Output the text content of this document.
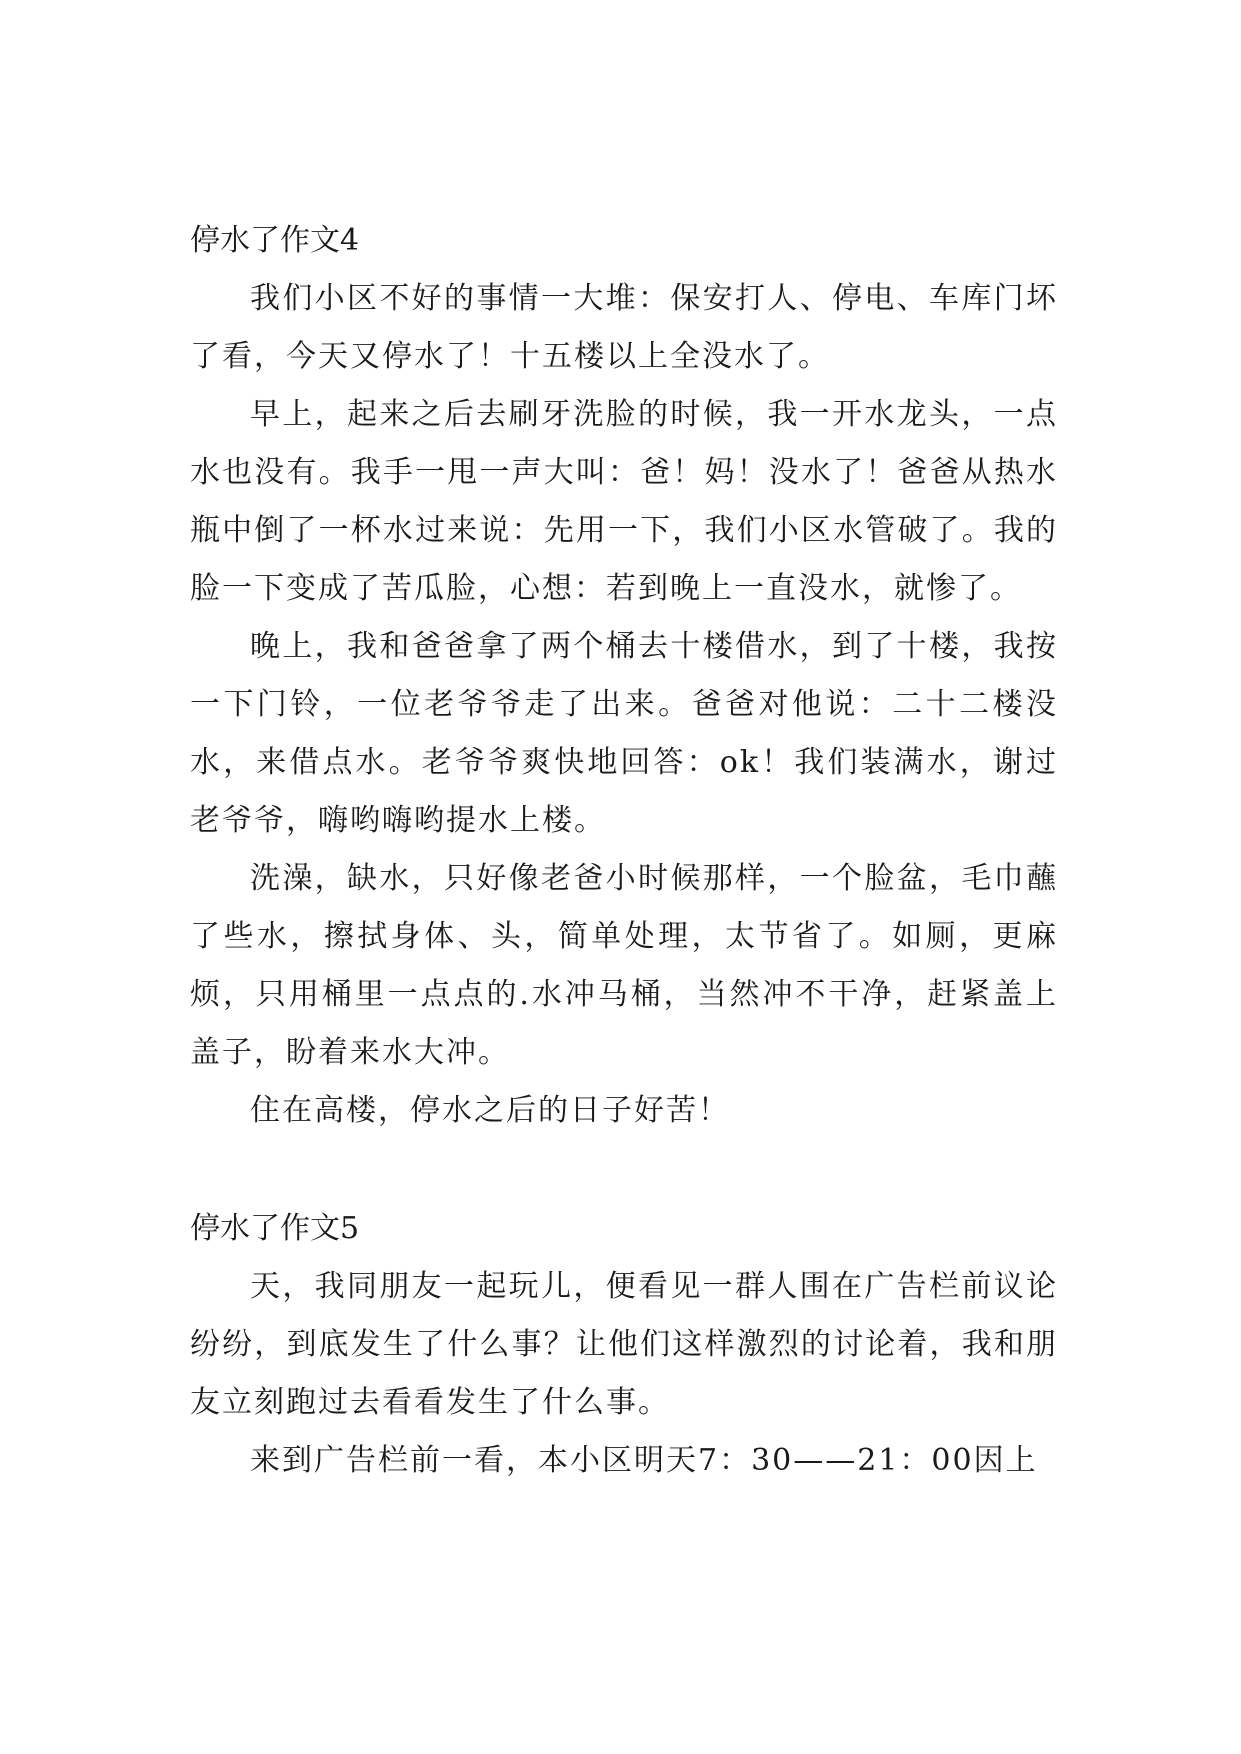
停水了作文4

我们小区不好的事情一大堆：保安打人、停电、车库门坏了看，今天又停水了！十五楼以上全没水了。

早上，起来之后去刷牙洗脸的时候，我一开水龙头，一点水也没有。我手一甩一声大叫：爸！妈！没水了！爸爸从热水瓶中倒了一杯水过来说：先用一下，我们小区水管破了。我的脸一下变成了苦瓜脸，心想：若到晚上一直没水，就惨了。

晚上，我和爸爸拿了两个桶去十楼借水，到了十楼，我按一下门铃，一位老爷爷走了出来。爸爸对他说：二十二楼没水，来借点水。老爷爷爽快地回答：ok！我们装满水，谢过老爷爷，嗨哟嗨哟提水上楼。

洗澡，缺水，只好像老爸小时候那样，一个脸盆，毛巾蘸了些水，擦拭身体、头，简单处理，太节省了。如厕，更麻烦，只用桶里一点点的.水冲马桶，当然冲不干净，赶紧盖上盖子，盼着来水大冲。

住在高楼，停水之后的日子好苦！

停水了作文5

天，我同朋友一起玩儿，便看见一群人围在广告栏前议论纷纷，到底发生了什么事？让他们这样激烈的讨论着，我和朋友立刻跑过去看看发生了什么事。

来到广告栏前一看，本小区明天7：30——21：00因上
